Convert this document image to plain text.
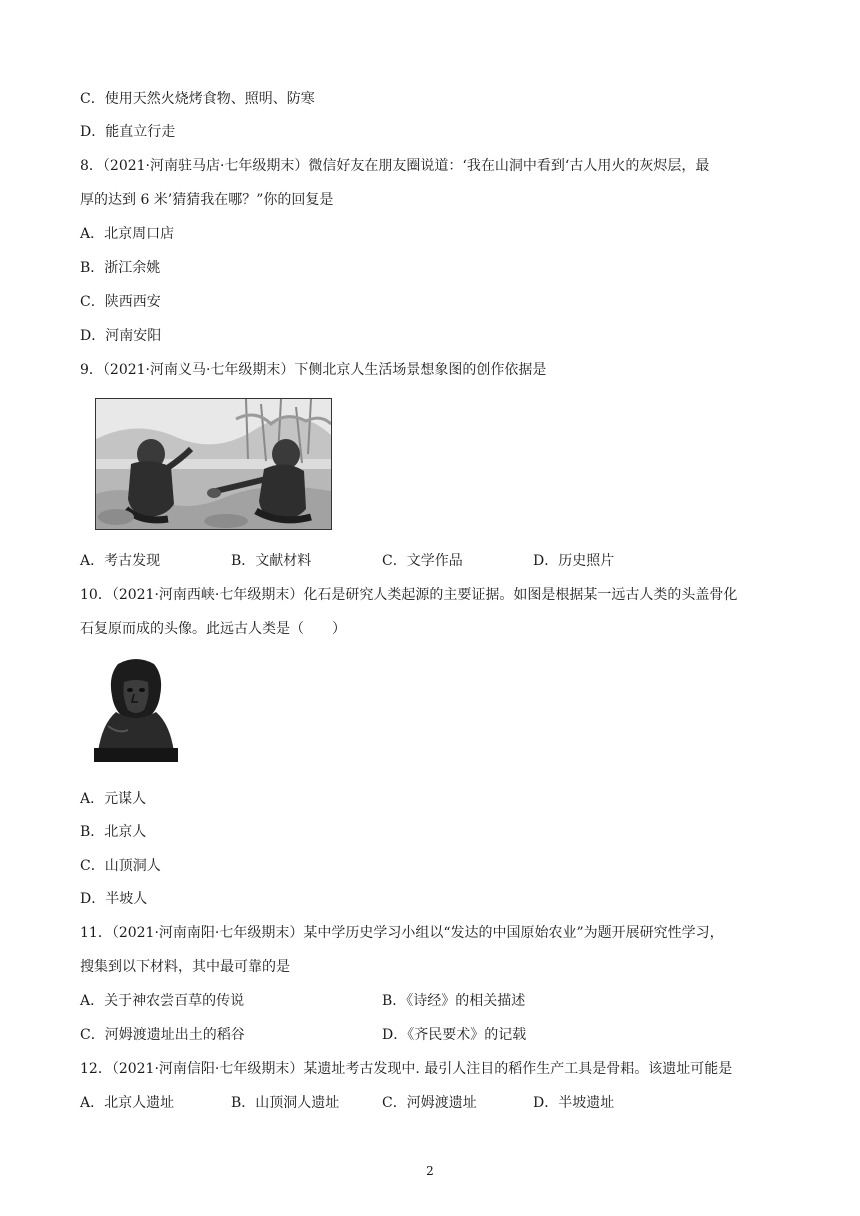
C．使用天然火烧烤食物、照明、防寒
D．能直立行走
8．（2021·河南驻马店·七年级期末）微信好友在朋友圈说道：‘我在山洞中看到‘古人用火的灰烬层，最
厚的达到 6 米’猜猜我在哪？”你的回复是
A．北京周口店
B．浙江余姚
C．陕西西安
D．河南安阳
9．（2021·河南义马·七年级期末）下侧北京人生活场景想象图的创作依据是
A．考古发现	B．文献材料	C．文学作品	D．历史照片
10．（2021·河南西峡·七年级期末）化石是研究人类起源的主要证据。如图是根据某一远古人类的头盖骨化
石复原而成的头像。此远古人类是（　　）
A．元谋人
B．北京人
C．山顶洞人
D．半坡人
11．（2021·河南南阳·七年级期末）某中学历史学习小组以“发达的中国原始农业”为题开展研究性学习，
搜集到以下材料，其中最可靠的是
A．关于神农尝百草的传说	B．《诗经》的相关描述
C．河姆渡遗址出土的稻谷	D．《齐民要术》的记载
12．（2021·河南信阳·七年级期末）某遗址考古发现中. 最引人注目的稻作生产工具是骨耜。该遗址可能是
A．北京人遗址	B．山顶洞人遗址	C．河姆渡遗址	D．半坡遗址
2
